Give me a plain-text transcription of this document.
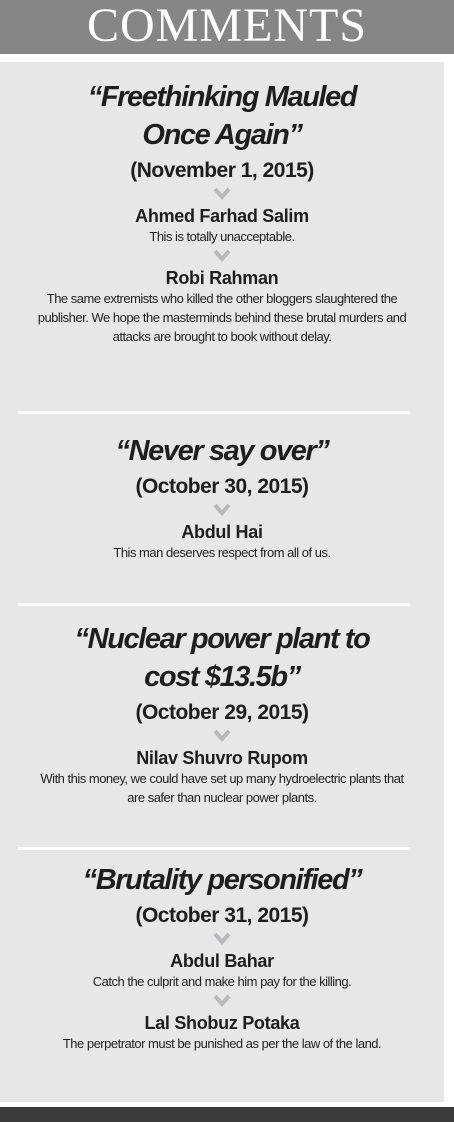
COMMENTS
“Freethinking Mauled
Once Again”
(November 1, 2015)
Ahmed Farhad Salim
This is totally unacceptable.
Robi Rahman
The same extremists who killed the other bloggers slaughtered the
publisher. We hope the masterminds behind these brutal murders and
attacks are brought to book without delay.
“Never say over”
(October 30, 2015)
Abdul Hai
This man deserves respect from all of us.
“Nuclear power plant to
cost $13.5b”
(October 29, 2015)
Nilav Shuvro Rupom
With this money, we could have set up many hydroelectric plants that
are safer than nuclear power plants.
“Brutality personified”
(October 31, 2015)
Abdul Bahar
Catch the culprit and make him pay for the killing.
Lal Shobuz Potaka
The perpetrator must be punished as per the law of the land.
